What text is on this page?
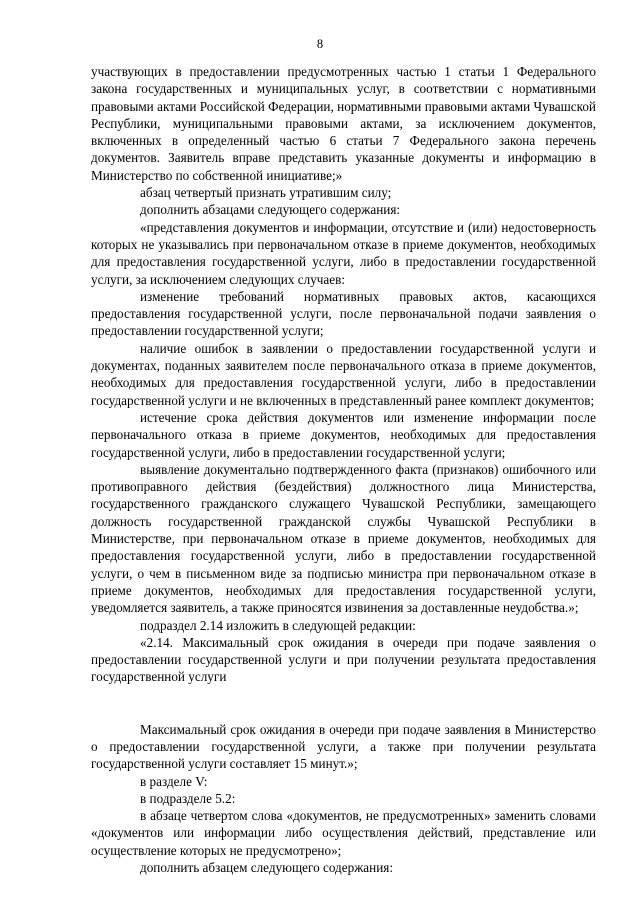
8

участвующих в предоставлении предусмотренных частью 1 статьи 1 Федерального закона государственных и муниципальных услуг, в соответствии с нормативными правовыми актами Российской Федерации, нормативными правовыми актами Чувашской Республики, муниципальными правовыми актами, за исключением документов, включенных в определенный частью 6 статьи 7 Федерального закона перечень документов. Заявитель вправе представить указанные документы и информацию в Министерство по собственной инициативе;»

абзац четвертый признать утратившим силу;

дополнить абзацами следующего содержания:

«представления документов и информации, отсутствие и (или) недостоверность которых не указывались при первоначальном отказе в приеме документов, необходимых для предоставления государственной услуги, либо в предоставлении государственной услуги, за исключением следующих случаев:

изменение требований нормативных правовых актов, касающихся предоставления государственной услуги, после первоначальной подачи заявления о предоставлении государственной услуги;

наличие ошибок в заявлении о предоставлении государственной услуги и документах, поданных заявителем после первоначального отказа в приеме документов, необходимых для предоставления государственной услуги, либо в предоставлении государственной услуги и не включенных в представленный ранее комплект документов;

истечение срока действия документов или изменение информации после первоначального отказа в приеме документов, необходимых для предоставления государственной услуги, либо в предоставлении государственной услуги;

выявление документально подтвержденного факта (признаков) ошибочного или противоправного действия (бездействия) должностного лица Министерства, государственного гражданского служащего Чувашской Республики, замещающего должность государственной гражданской службы Чувашской Республики в Министерстве, при первоначальном отказе в приеме документов, необходимых для предоставления государственной услуги, либо в предоставлении государственной услуги, о чем в письменном виде за подписью министра при первоначальном отказе в приеме документов, необходимых для предоставления государственной услуги, уведомляется заявитель, а также приносятся извинения за доставленные неудобства.»;

подраздел 2.14 изложить в следующей редакции:

«2.14. Максимальный срок ожидания в очереди при подаче заявления о предоставлении государственной услуги и при получении результата предоставления государственной услуги

Максимальный срок ожидания в очереди при подаче заявления в Министерство о предоставлении государственной услуги, а также при получении результата государственной услуги составляет 15 минут.»;

в разделе V:

в подразделе 5.2:

в абзаце четвертом слова «документов, не предусмотренных» заменить словами «документов или информации либо осуществления действий, представление или осуществление которых не предусмотрено»;

дополнить абзацем следующего содержания:
